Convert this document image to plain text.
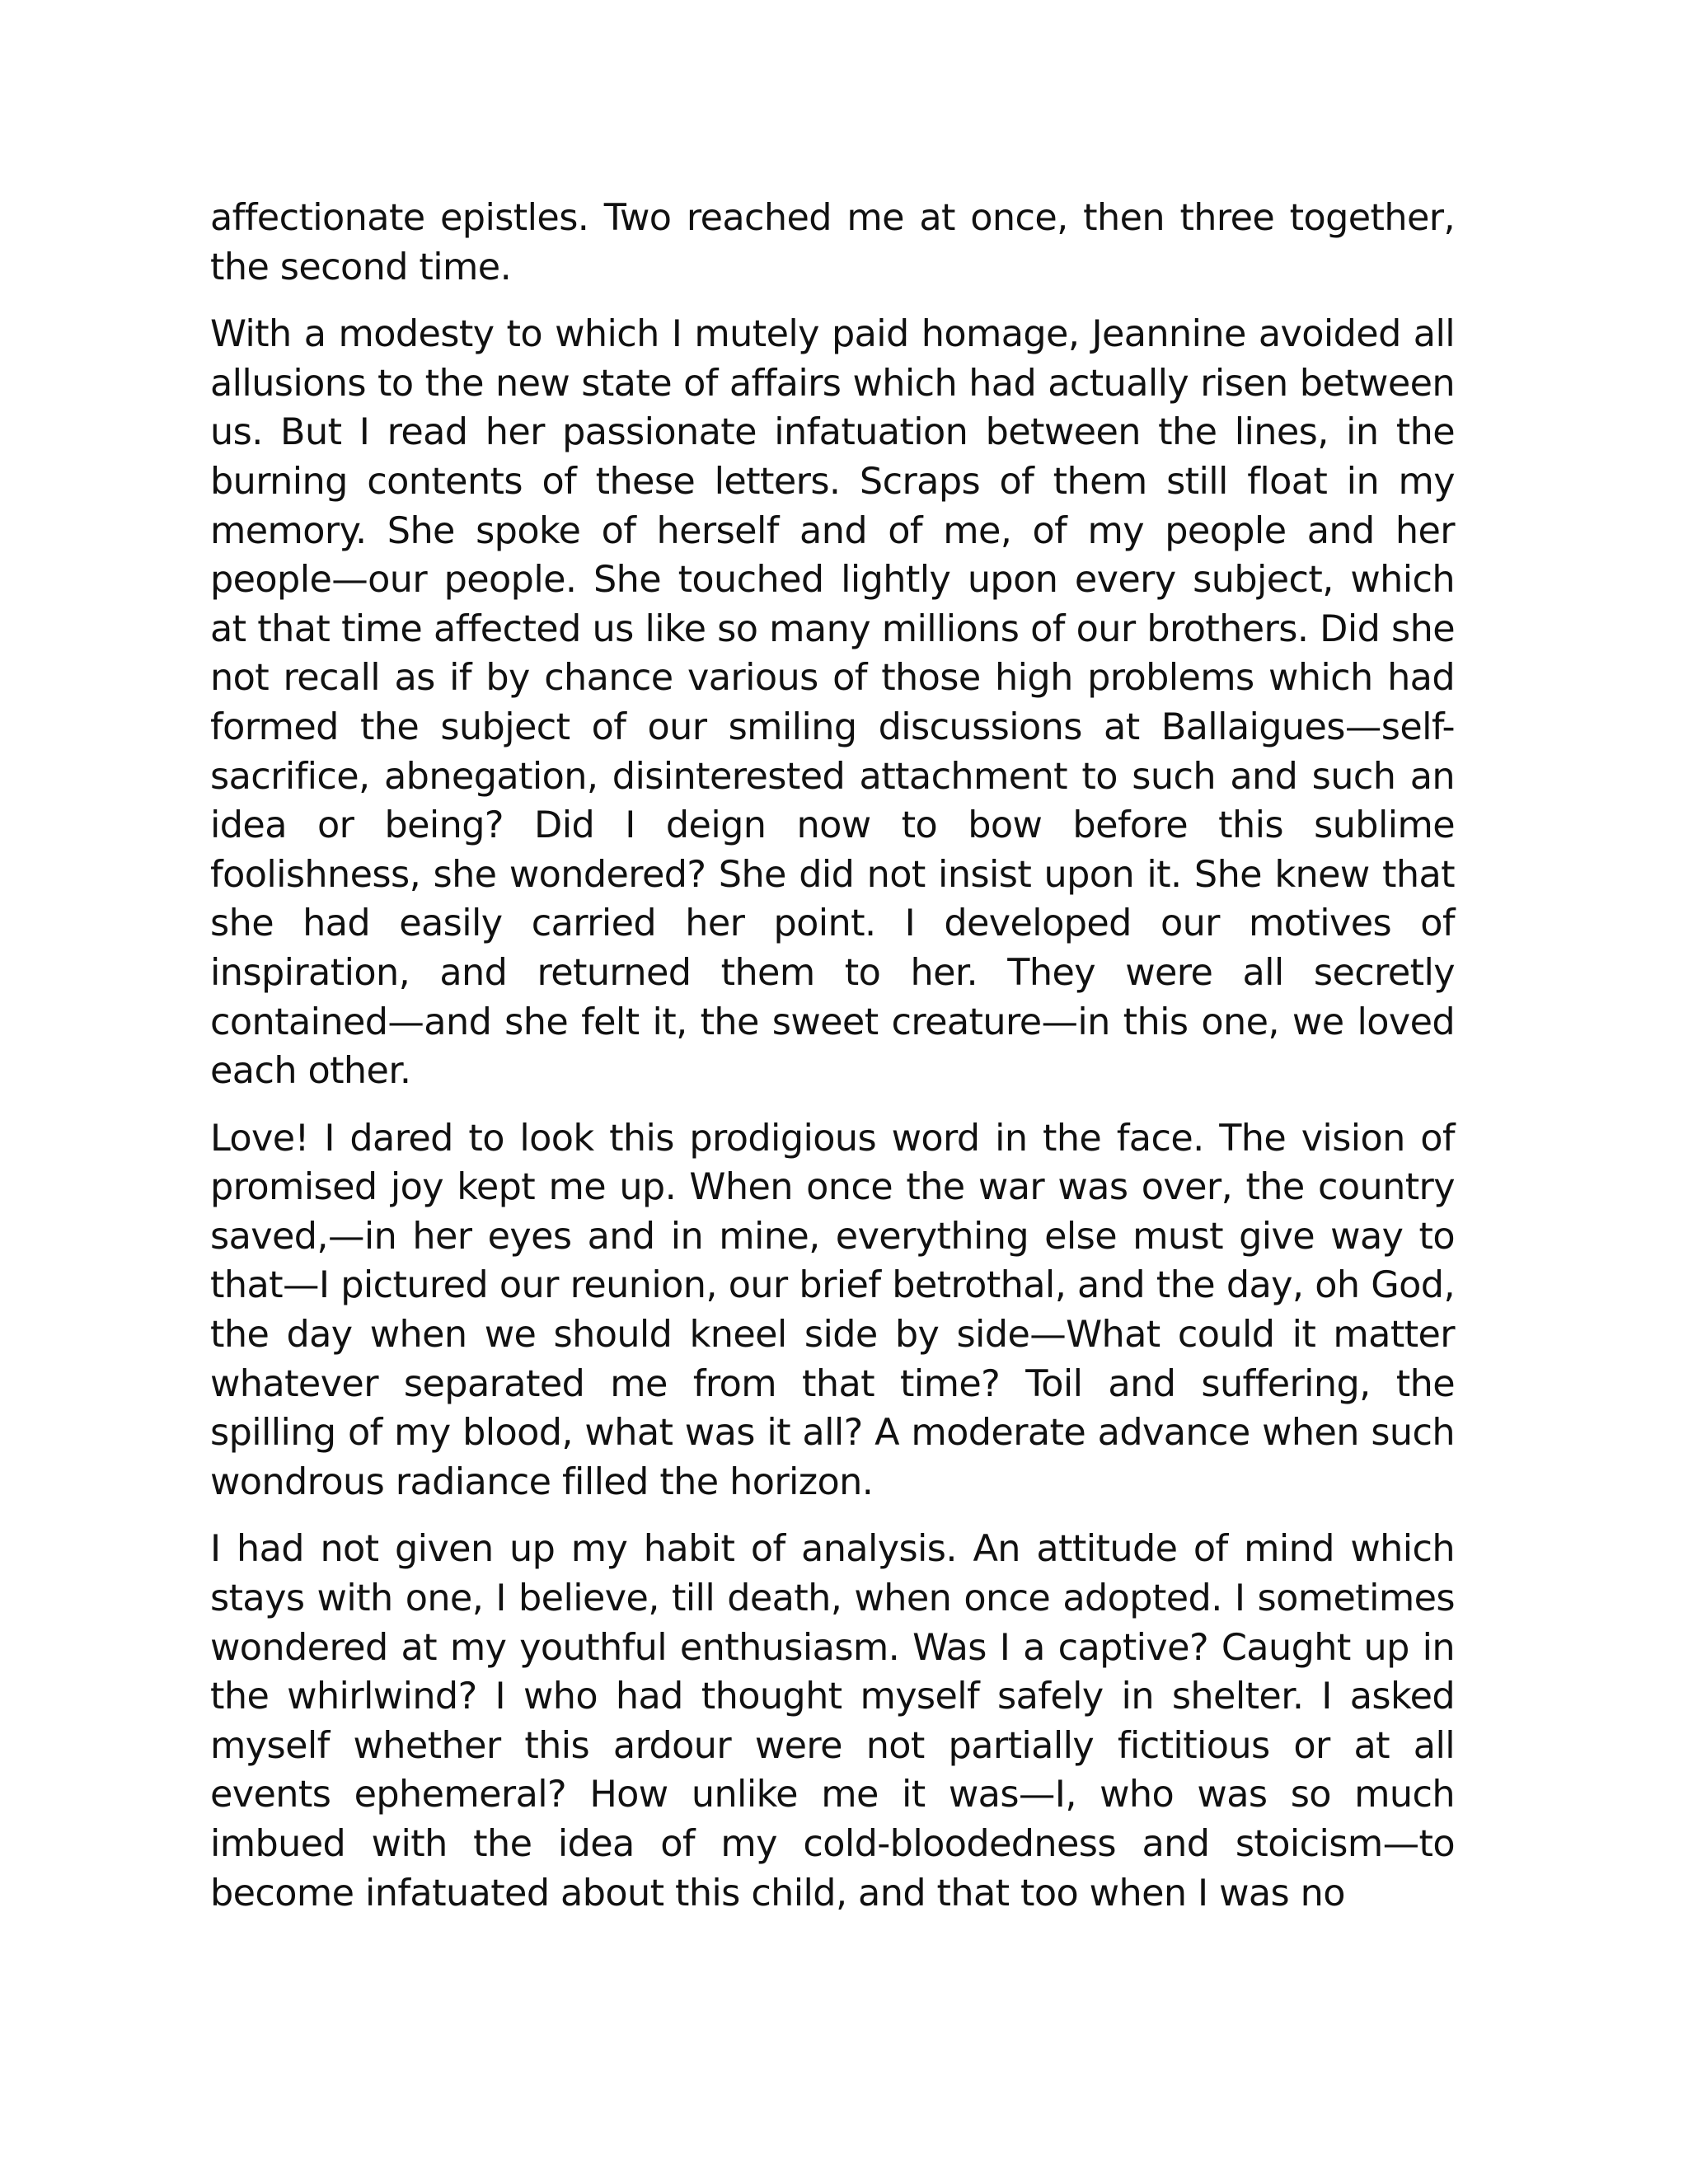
affectionate epistles. Two reached me at once, then three together, the second time.

With a modesty to which I mutely paid homage, Jeannine avoided all allusions to the new state of affairs which had actually risen between us. But I read her passionate infatuation between the lines, in the burning contents of these letters. Scraps of them still float in my memory. She spoke of herself and of me, of my people and her people—our people. She touched lightly upon every subject, which at that time affected us like so many millions of our brothers. Did she not recall as if by chance various of those high problems which had formed the subject of our smiling discussions at Ballaigues—self-sacrifice, abnegation, disinterested attachment to such and such an idea or being? Did I deign now to bow before this sublime foolishness, she wondered? She did not insist upon it. She knew that she had easily carried her point. I developed our motives of inspiration, and returned them to her. They were all secretly contained—and she felt it, the sweet creature—in this one, we loved each other.

Love! I dared to look this prodigious word in the face. The vision of promised joy kept me up. When once the war was over, the country saved,—in her eyes and in mine, everything else must give way to that—I pictured our reunion, our brief betrothal, and the day, oh God, the day when we should kneel side by side—What could it matter whatever separated me from that time? Toil and suffering, the spilling of my blood, what was it all? A moderate advance when such wondrous radiance filled the horizon.

I had not given up my habit of analysis. An attitude of mind which stays with one, I believe, till death, when once adopted. I sometimes wondered at my youthful enthusiasm. Was I a captive? Caught up in the whirlwind? I who had thought myself safely in shelter. I asked myself whether this ardour were not partially fictitious or at all events ephemeral? How unlike me it was—I, who was so much imbued with the idea of my cold-bloodedness and stoicism—to become infatuated about this child, and that too when I was no
